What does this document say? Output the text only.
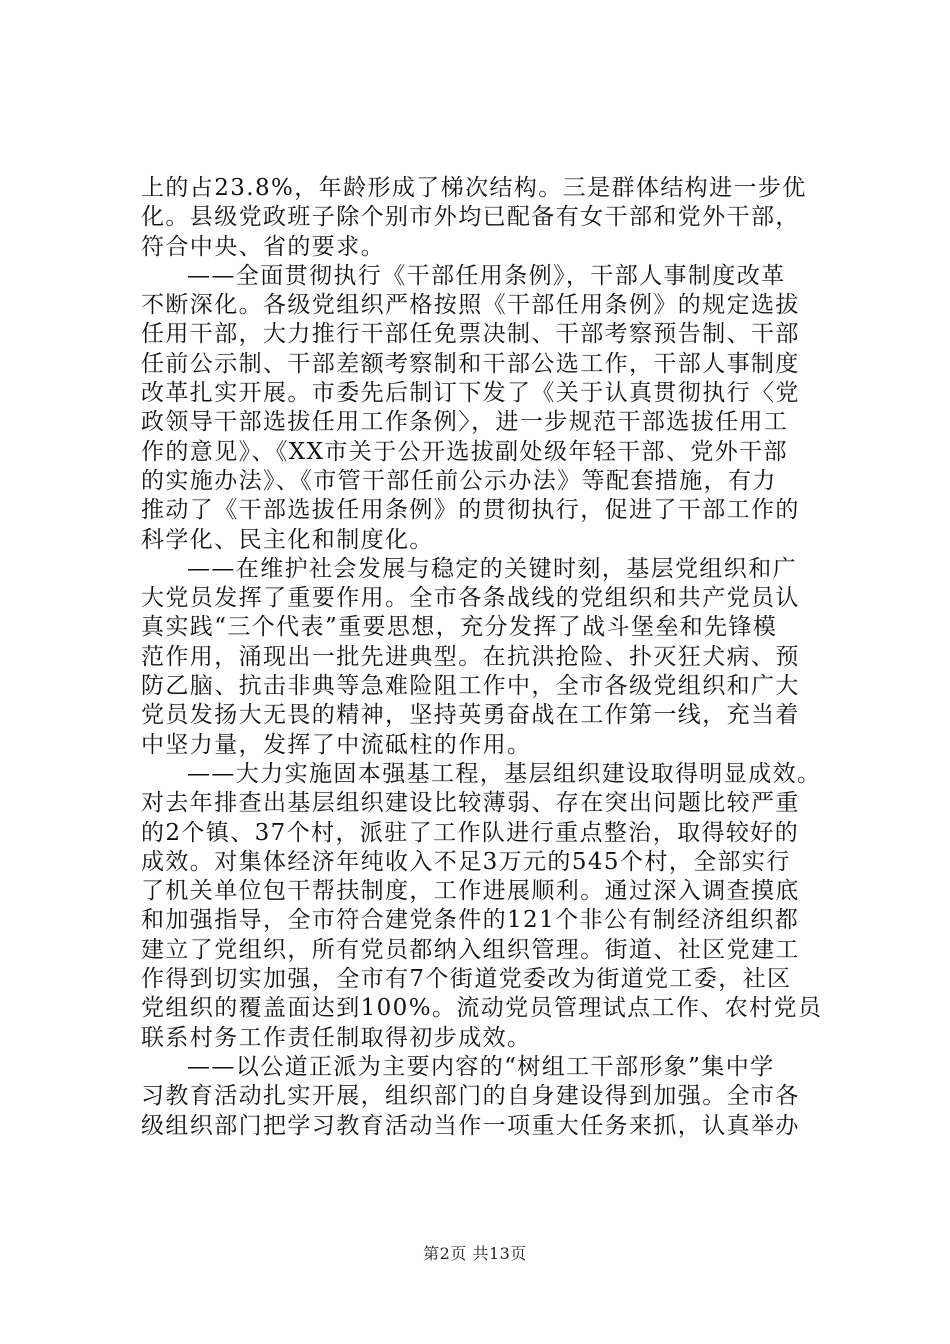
上的占23.8%，年龄形成了梯次结构。三是群体结构进一步优
化。县级党政班子除个别市外均已配备有女干部和党外干部，
符合中央、省的要求。
——全面贯彻执行《干部任用条例》，干部人事制度改革
不断深化。各级党组织严格按照《干部任用条例》的规定选拔
任用干部，大力推行干部任免票决制、干部考察预告制、干部
任前公示制、干部差额考察制和干部公选工作，干部人事制度
改革扎实开展。市委先后制订下发了《关于认真贯彻执行〈党
政领导干部选拔任用工作条例〉，进一步规范干部选拔任用工
作的意见》、《XX市关于公开选拔副处级年轻干部、党外干部
的实施办法》、《市管干部任前公示办法》等配套措施，有力
推动了《干部选拔任用条例》的贯彻执行，促进了干部工作的
科学化、民主化和制度化。
——在维护社会发展与稳定的关键时刻，基层党组织和广
大党员发挥了重要作用。全市各条战线的党组织和共产党员认
真实践“三个代表”重要思想，充分发挥了战斗堡垒和先锋模
范作用，涌现出一批先进典型。在抗洪抢险、扑灭狂犬病、预
防乙脑、抗击非典等急难险阻工作中，全市各级党组织和广大
党员发扬大无畏的精神，坚持英勇奋战在工作第一线，充当着
中坚力量，发挥了中流砥柱的作用。
——大力实施固本强基工程，基层组织建设取得明显成效。
对去年排查出基层组织建设比较薄弱、存在突出问题比较严重
的2个镇、37个村，派驻了工作队进行重点整治，取得较好的
成效。对集体经济年纯收入不足3万元的545个村，全部实行
了机关单位包干帮扶制度，工作进展顺利。通过深入调查摸底
和加强指导，全市符合建党条件的121个非公有制经济组织都
建立了党组织，所有党员都纳入组织管理。街道、社区党建工
作得到切实加强，全市有7个街道党委改为街道党工委，社区
党组织的覆盖面达到100%。流动党员管理试点工作、农村党员
联系村务工作责任制取得初步成效。
——以公道正派为主要内容的“树组工干部形象”集中学
习教育活动扎实开展，组织部门的自身建设得到加强。全市各
级组织部门把学习教育活动当作一项重大任务来抓，认真举办
第2页 共13页
